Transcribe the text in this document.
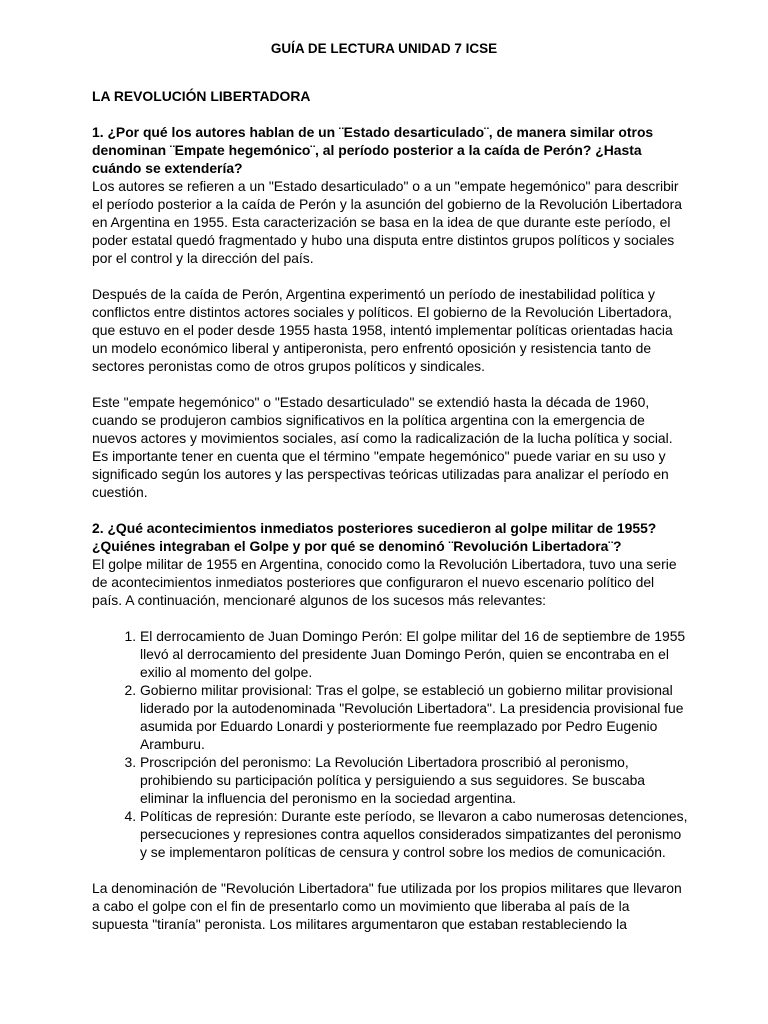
GUÍA DE LECTURA UNIDAD 7 ICSE

LA REVOLUCIÓN LIBERTADORA

1. ¿Por qué los autores hablan de un ¨Estado desarticulado¨, de manera similar otros denominan ¨Empate hegemónico¨, al período posterior a la caída de Perón? ¿Hasta cuándo se extendería?

Los autores se refieren a un "Estado desarticulado" o a un "empate hegemónico" para describir el período posterior a la caída de Perón y la asunción del gobierno de la Revolución Libertadora en Argentina en 1955. Esta caracterización se basa en la idea de que durante este período, el poder estatal quedó fragmentado y hubo una disputa entre distintos grupos políticos y sociales por el control y la dirección del país.

Después de la caída de Perón, Argentina experimentó un período de inestabilidad política y conflictos entre distintos actores sociales y políticos. El gobierno de la Revolución Libertadora, que estuvo en el poder desde 1955 hasta 1958, intentó implementar políticas orientadas hacia un modelo económico liberal y antiperonista, pero enfrentó oposición y resistencia tanto de sectores peronistas como de otros grupos políticos y sindicales.

Este "empate hegemónico" o "Estado desarticulado" se extendió hasta la década de 1960, cuando se produjeron cambios significativos en la política argentina con la emergencia de nuevos actores y movimientos sociales, así como la radicalización de la lucha política y social. Es importante tener en cuenta que el término "empate hegemónico" puede variar en su uso y significado según los autores y las perspectivas teóricas utilizadas para analizar el período en cuestión.

2. ¿Qué acontecimientos inmediatos posteriores sucedieron al golpe militar de 1955? ¿Quiénes integraban el Golpe y por qué se denominó ¨Revolución Libertadora¨?

El golpe militar de 1955 en Argentina, conocido como la Revolución Libertadora, tuvo una serie de acontecimientos inmediatos posteriores que configuraron el nuevo escenario político del país. A continuación, mencionaré algunos de los sucesos más relevantes:

1. El derrocamiento de Juan Domingo Perón: El golpe militar del 16 de septiembre de 1955 llevó al derrocamiento del presidente Juan Domingo Perón, quien se encontraba en el exilio al momento del golpe.
2. Gobierno militar provisional: Tras el golpe, se estableció un gobierno militar provisional liderado por la autodenominada "Revolución Libertadora". La presidencia provisional fue asumida por Eduardo Lonardi y posteriormente fue reemplazado por Pedro Eugenio Aramburu.
3. Proscripción del peronismo: La Revolución Libertadora proscribió al peronismo, prohibiendo su participación política y persiguiendo a sus seguidores. Se buscaba eliminar la influencia del peronismo en la sociedad argentina.
4. Políticas de represión: Durante este período, se llevaron a cabo numerosas detenciones, persecuciones y represiones contra aquellos considerados simpatizantes del peronismo y se implementaron políticas de censura y control sobre los medios de comunicación.

La denominación de "Revolución Libertadora" fue utilizada por los propios militares que llevaron a cabo el golpe con el fin de presentarlo como un movimiento que liberaba al país de la supuesta "tiranía" peronista. Los militares argumentaron que estaban restableciendo la
